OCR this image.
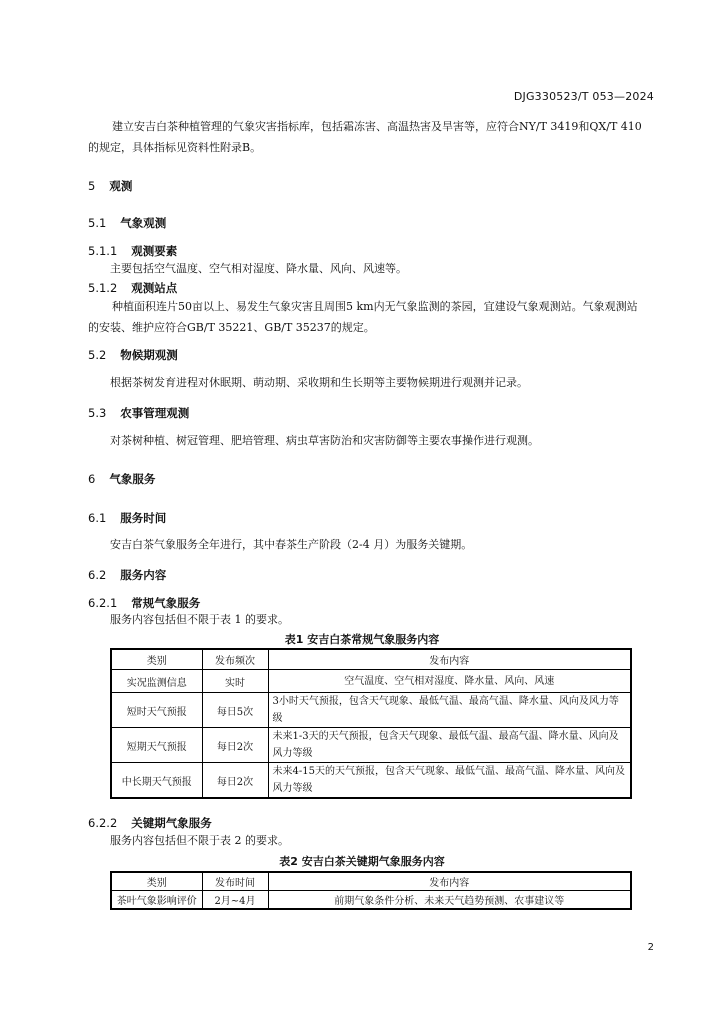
DJG330523/T 053—2024
建立安吉白茶种植管理的气象灾害指标库，包括霜冻害、高温热害及旱害等，应符合NY/T 3419和QX/T 410的规定，具体指标见资料性附录B。
5 观测
5.1 气象观测
5.1.1 观测要素
主要包括空气温度、空气相对湿度、降水量、风向、风速等。
5.1.2 观测站点
种植面积连片50亩以上、易发生气象灾害且周围5 km内无气象监测的茶园，宜建设气象观测站。气象观测站的安装、维护应符合GB/T 35221、GB/T 35237的规定。
5.2 物候期观测
根据茶树发育进程对休眠期、萌动期、采收期和生长期等主要物候期进行观测并记录。
5.3 农事管理观测
对茶树种植、树冠管理、肥培管理、病虫草害防治和灾害防御等主要农事操作进行观测。
6 气象服务
6.1 服务时间
安吉白茶气象服务全年进行，其中春茶生产阶段（2-4 月）为服务关键期。
6.2 服务内容
6.2.1 常规气象服务
服务内容包括但不限于表 1 的要求。
表1 安吉白茶常规气象服务内容
类别	发布频次	发布内容
实况监测信息	实时	空气温度、空气相对湿度、降水量、风向、风速
短时天气预报	每日5次	3小时天气预报，包含天气现象、最低气温、最高气温、降水量、风向及风力等级
短期天气预报	每日2次	未来1-3天的天气预报，包含天气现象、最低气温、最高气温、降水量、风向及风力等级
中长期天气预报	每日2次	未来4-15天的天气预报，包含天气现象、最低气温、最高气温、降水量、风向及风力等级
6.2.2 关键期气象服务
服务内容包括但不限于表 2 的要求。
表2 安吉白茶关键期气象服务内容
类别	发布时间	发布内容
茶叶气象影响评价	2月~4月	前期气象条件分析、未来天气趋势预测、农事建议等
2
